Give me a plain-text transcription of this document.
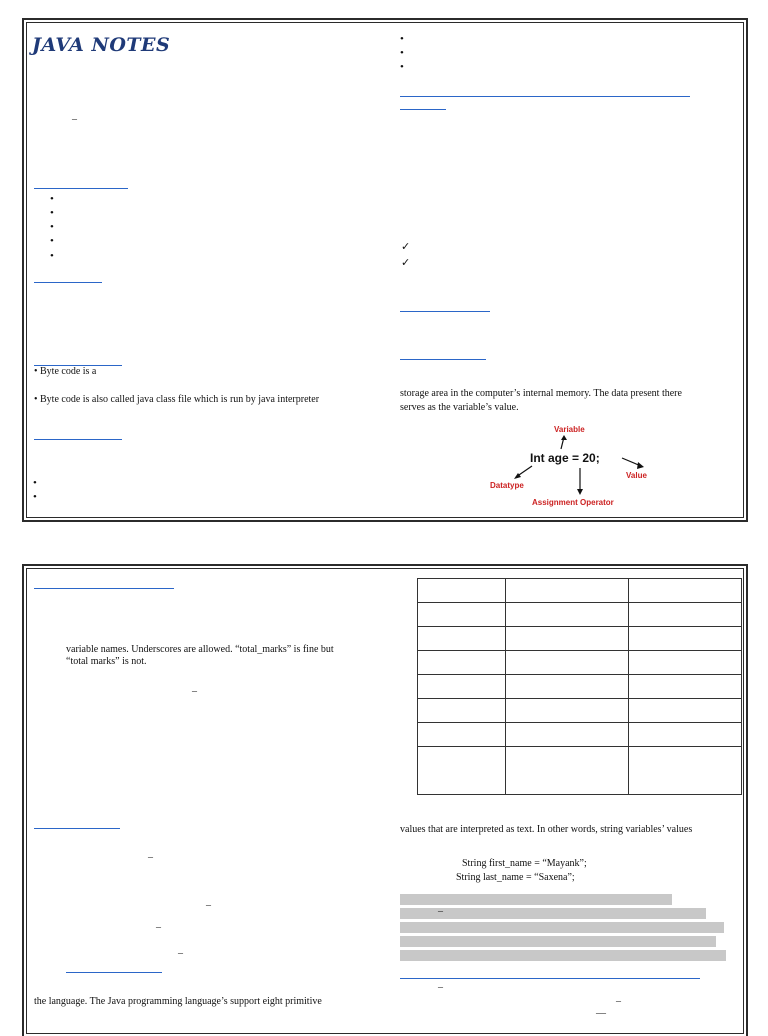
JAVA NOTES
–
•
•
•
•
•
• Byte code is a
• Byte code is also called java class file which is run by java interpreter
•
•
•
•
•
✓
✓
storage area in the computer’s internal memory. The data present there
serves as the variable’s value.
Variable
Int age = 20;
Datatype
Value
Assignment Operator
variable names. Underscores are allowed. “total_marks” is fine but
“total marks” is not.
–
–
–
–
–
the language. The Java programming language’s support eight primitive

values that are interpreted as text. In other words, string variables’ values
String first_name = “Mayank”;
String last_name = “Saxena”;
–
–
–
—
